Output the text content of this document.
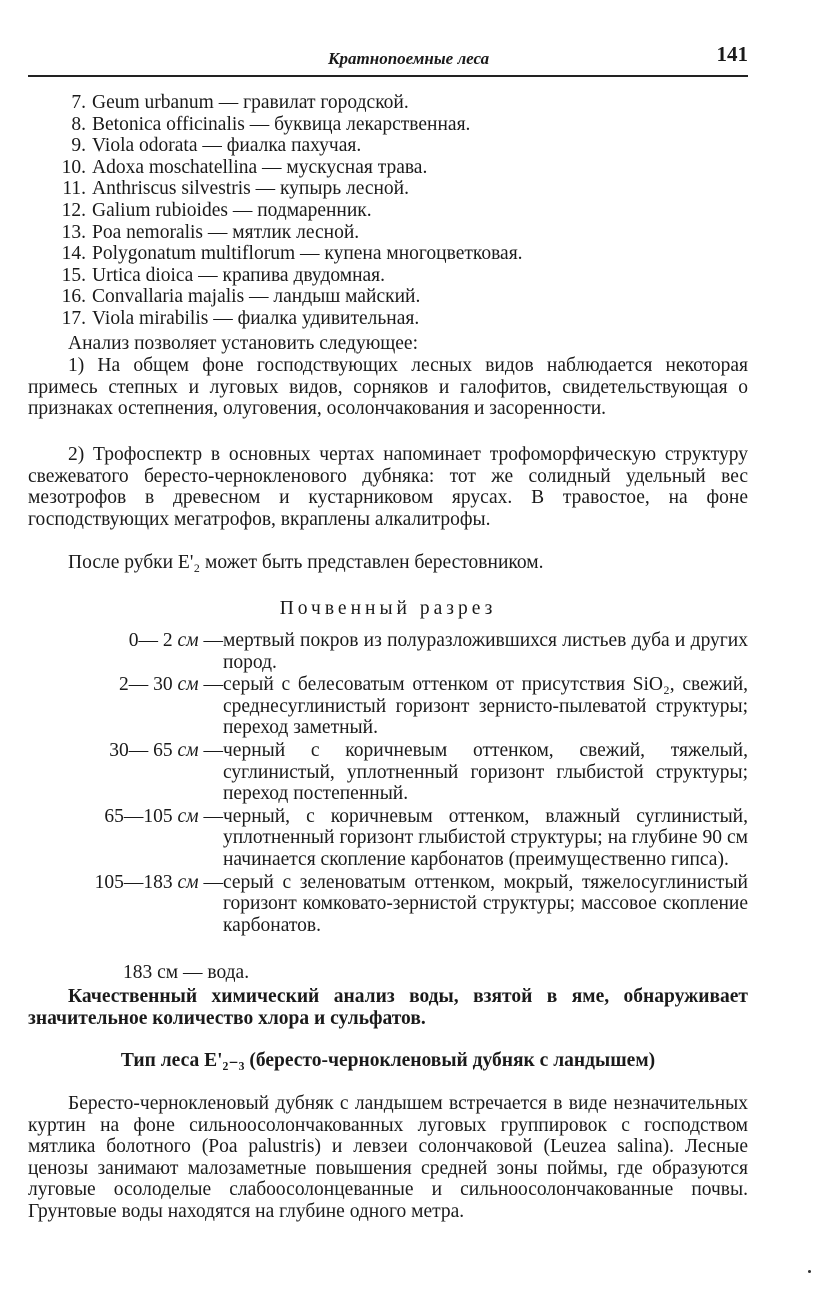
Кратнопоемные леса	141
7. Geum urbanum — гравилат городской.
8. Betonica officinalis — буквица лекарственная.
9. Viola odorata — фиалка пахучая.
10. Adoxa moschatellina — мускусная трава.
11. Anthriscus silvestris — купырь лесной.
12. Galium rubioides — подмаренник.
13. Poa nemoralis — мятлик лесной.
14. Polygonatum multiflorum — купена многоцветковая.
15. Urtica dioica — крапива двудомная.
16. Convallaria majalis — ландыш майский.
17. Viola mirabilis — фиалка удивительная.

Анализ позволяет установить следующее:

1) На общем фоне господствующих лесных видов наблюдается некоторая примесь степных и луговых видов, сорняков и галофитов, свидетельствующая о признаках остепнения, олуговения, осолончакования и засоренности.

2) Трофоспектр в основных чертах напоминает трофоморфическую структуру свежеватого бересто-чернокленового дубняка: тот же солидный удельный вес мезотрофов в древесном и кустарниковом ярусах. В травостое, на фоне господствующих мегатрофов, вкраплены алкалитрофы.

После рубки E'₂ может быть представлен берестовником.

Почвенный разрез
0— 2 см — мертвый покров из полуразложившихся листьев дуба и других пород.
2— 30 см — серый с белесоватым оттенком от присутствия SiO₂, свежий, среднесуглинистый горизонт зернисто-пылеватой структуры; переход заметный.
30— 65 см — черный с коричневым оттенком, свежий, тяжелый, суглинистый, уплотненный горизонт глыбистой структуры; переход постепенный.
65—105 см — черный, с коричневым оттенком, влажный суглинистый, уплотненный горизонт глыбистой структуры; на глубине 90 см начинается скопление карбонатов (преимущественно гипса).
105—183 см — серый с зеленоватым оттенком, мокрый, тяжелосуглинистый горизонт комковато-зернистой структуры; массовое скопление карбонатов.
183 см — вода.

Качественный химический анализ воды, взятой в яме, обнаруживает значительное количество хлора и сульфатов.

Тип леса E'₂₋₃ (бересто-чернокленовый дубняк с ландышем)

Бересто-чернокленовый дубняк с ландышем встречается в виде незначительных куртин на фоне сильноосолончакованных луговых группировок с господством мятлика болотного (Poa palustris) и левзеи солончаковой (Leuzea salina). Лесные ценозы занимают малозаметные повышения средней зоны поймы, где образуются луговые осолоделые слабоосолонцеванные и сильноосолончакованные почвы. Грунтовые воды находятся на глубине одного метра.
